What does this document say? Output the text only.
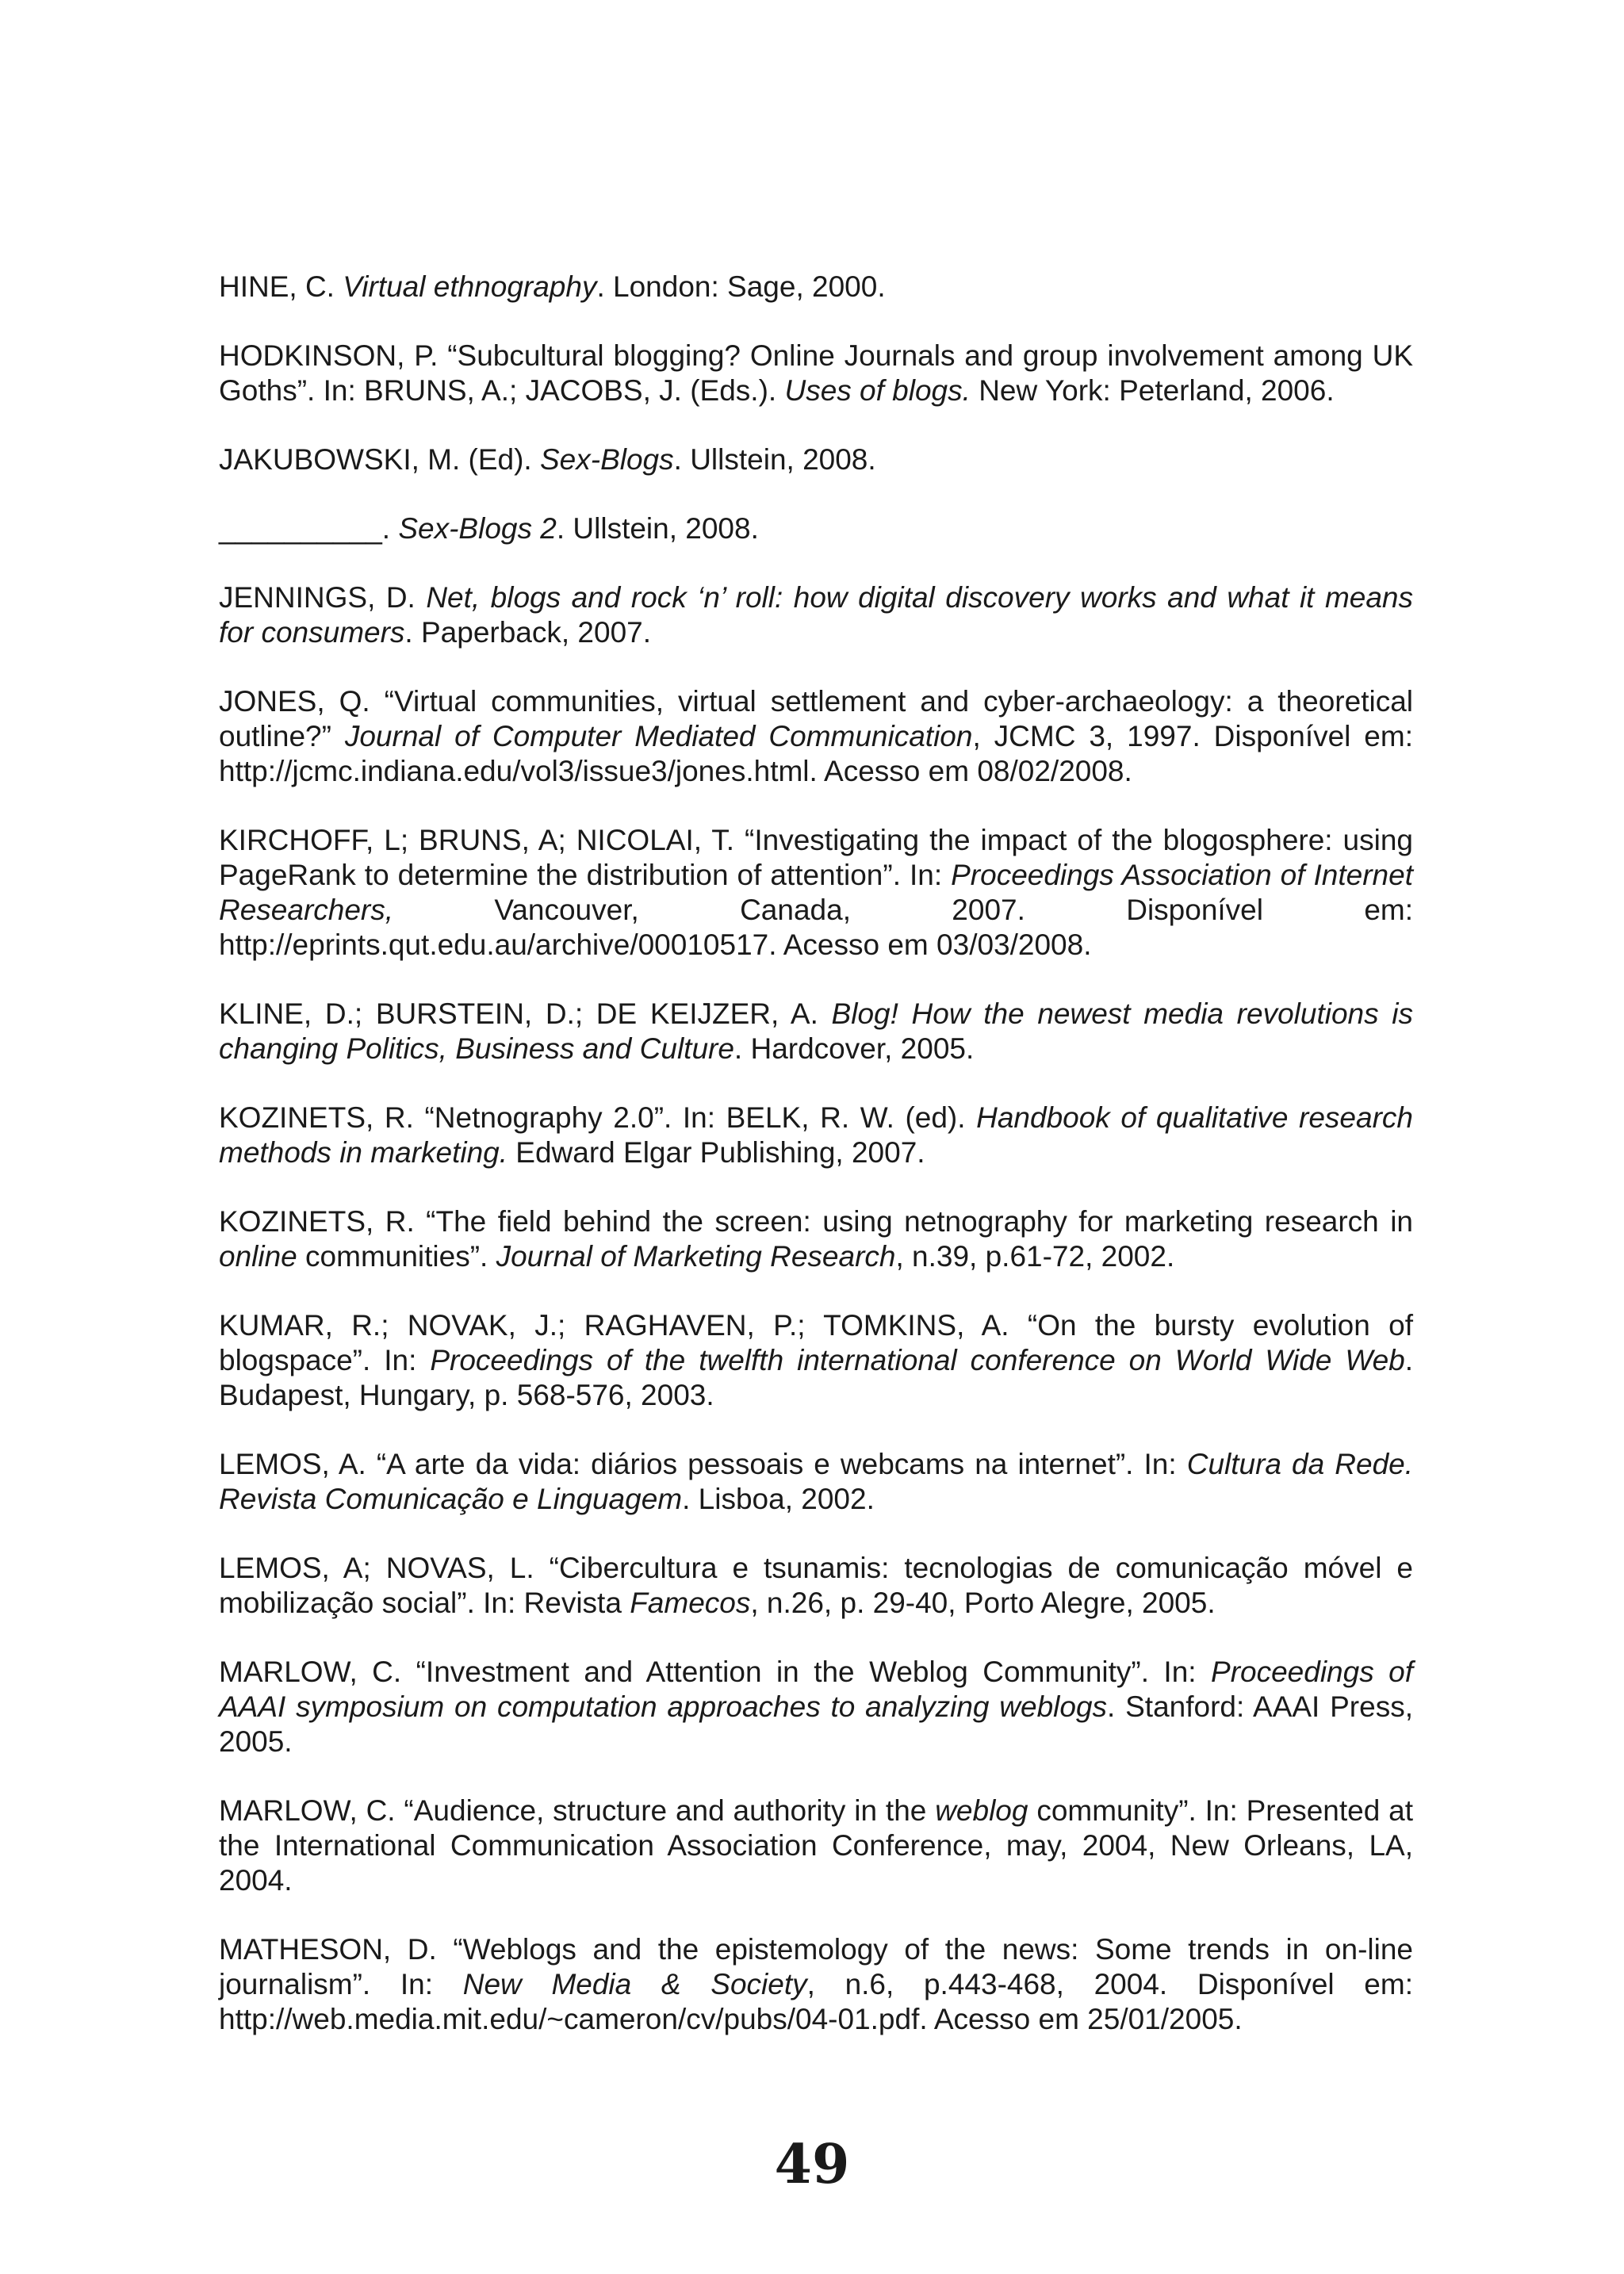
HINE, C. Virtual ethnography. London: Sage, 2000.

HODKINSON, P. “Subcultural blogging? Online Journals and group involvement among UK Goths”. In: BRUNS, A.; JACOBS, J. (Eds.). Uses of blogs. New York: Peterland, 2006.

JAKUBOWSKI, M. (Ed). Sex-Blogs. Ullstein, 2008.

__________. Sex-Blogs 2. Ullstein, 2008.

JENNINGS, D. Net, blogs and rock ‘n’ roll: how digital discovery works and what it means for consumers. Paperback, 2007.

JONES, Q. “Virtual communities, virtual settlement and cyber-archaeology: a theoretical outline?” Journal of Computer Mediated Communication, JCMC 3, 1997. Disponível em: http://jcmc.indiana.edu/vol3/issue3/jones.html. Acesso em 08/02/2008.

KIRCHOFF, L; BRUNS, A; NICOLAI, T. “Investigating the impact of the blogosphere: using PageRank to determine the distribution of attention”. In: Proceedings Association of Internet Researchers, Vancouver, Canada, 2007. Disponível em: http://eprints.qut.edu.au/archive/00010517. Acesso em 03/03/2008.

KLINE, D.; BURSTEIN, D.; DE KEIJZER, A. Blog! How the newest media revolutions is changing Politics, Business and Culture. Hardcover, 2005.

KOZINETS, R. “Netnography 2.0”. In: BELK, R. W. (ed). Handbook of qualitative research methods in marketing. Edward Elgar Publishing, 2007.

KOZINETS, R. “The field behind the screen: using netnography for marketing research in online communities”. Journal of Marketing Research, n.39, p.61-72, 2002.

KUMAR, R.; NOVAK, J.; RAGHAVEN, P.; TOMKINS, A. “On the bursty evolution of blogspace”. In: Proceedings of the twelfth international conference on World Wide Web. Budapest, Hungary, p. 568-576, 2003.

LEMOS, A. “A arte da vida: diários pessoais e webcams na internet”. In: Cultura da Rede. Revista Comunicação e Linguagem. Lisboa, 2002.

LEMOS, A; NOVAS, L. “Cibercultura e tsunamis: tecnologias de comunicação móvel e mobilização social”. In: Revista Famecos, n.26, p. 29-40, Porto Alegre, 2005.

MARLOW, C. “Investment and Attention in the Weblog Community”. In: Proceedings of AAAI symposium on computation approaches to analyzing weblogs. Stanford: AAAI Press, 2005.

MARLOW, C. “Audience, structure and authority in the weblog community”. In: Presented at the International Communication Association Conference, may, 2004, New Orleans, LA, 2004.

MATHESON, D. “Weblogs and the epistemology of the news: Some trends in on-line journalism”. In: New Media & Society, n.6, p.443-468, 2004. Disponível em: http://web.media.mit.edu/~cameron/cv/pubs/04-01.pdf. Acesso em 25/01/2005.

49
